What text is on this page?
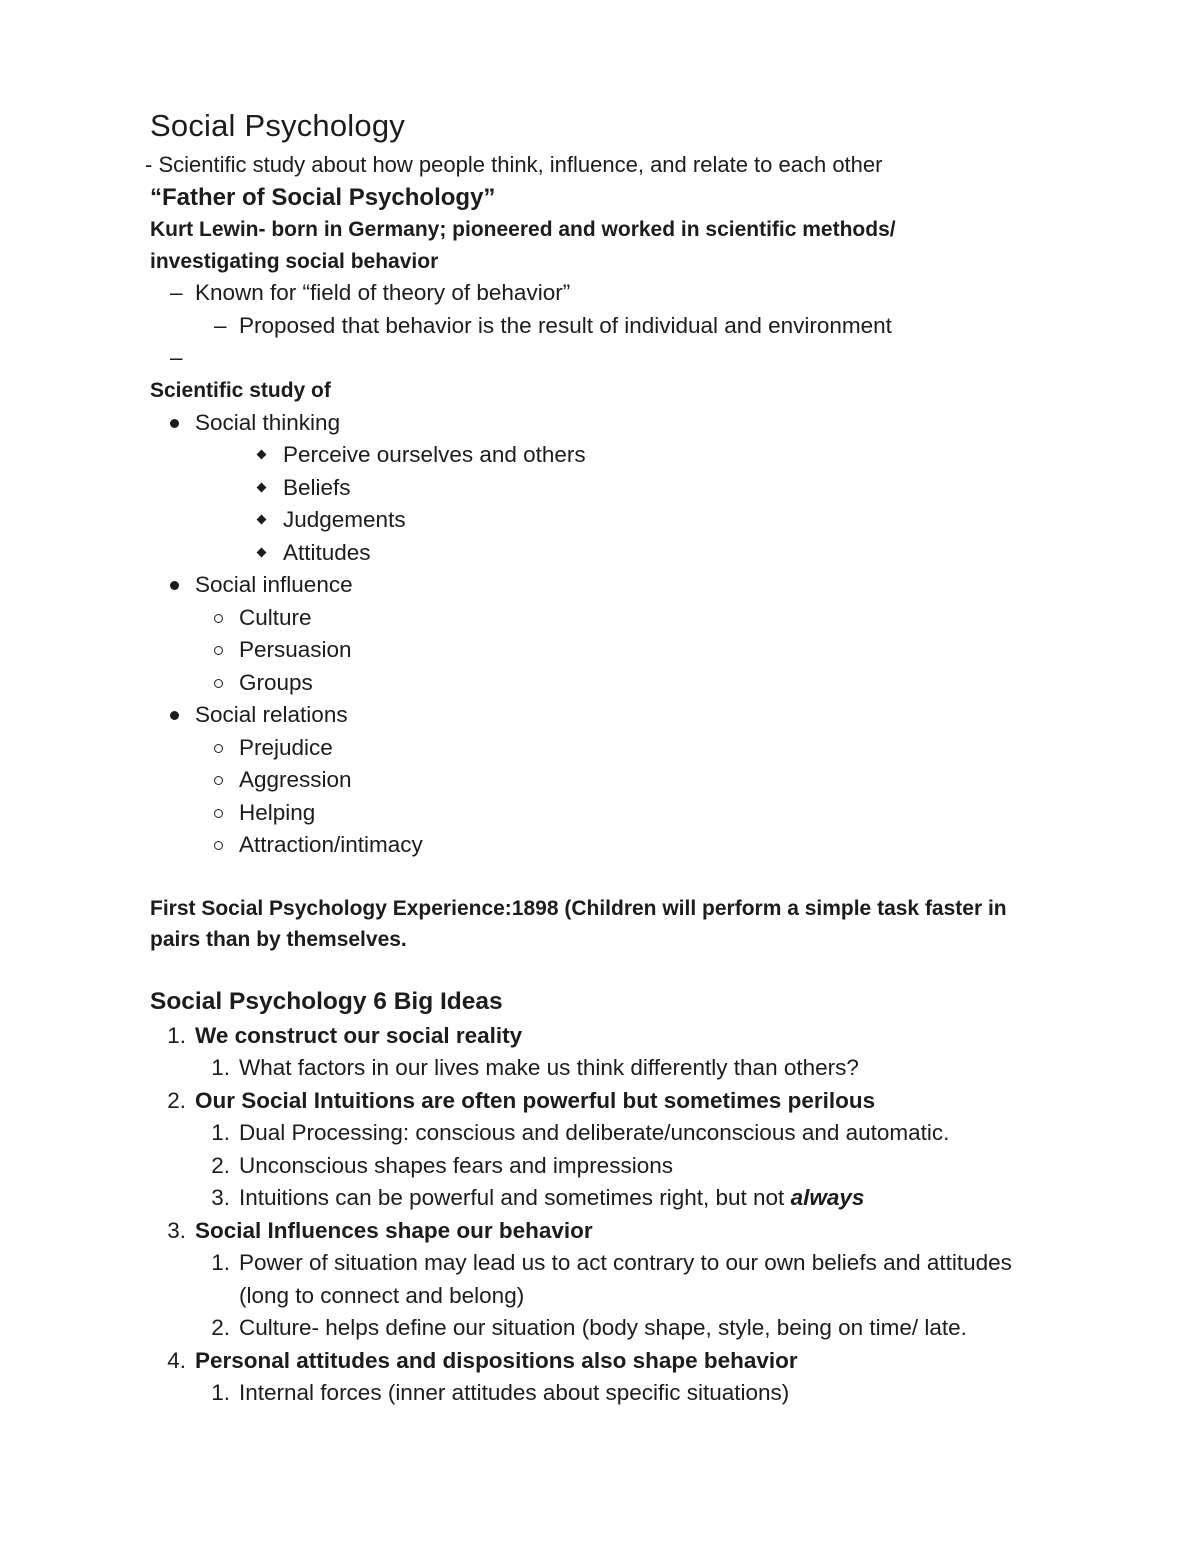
Social Psychology
- Scientific study about how people think, influence, and relate to each other
“Father of Social Psychology”
Kurt Lewin- born in Germany; pioneered and worked in scientific methods/ investigating social behavior
– Known for “field of theory of behavior”
– Proposed that behavior is the result of individual and environment
–
Scientific study of
Social thinking
Perceive ourselves and others
Beliefs
Judgements
Attitudes
Social influence
Culture
Persuasion
Groups
Social relations
Prejudice
Aggression
Helping
Attraction/intimacy
First Social Psychology Experience:1898 (Children will perform a simple task faster in pairs than by themselves.
Social Psychology 6 Big Ideas
1. We construct our social reality
1. What factors in our lives make us think differently than others?
2. Our Social Intuitions are often powerful but sometimes perilous
1. Dual Processing: conscious and deliberate/unconscious and automatic.
2. Unconscious shapes fears and impressions
3. Intuitions can be powerful and sometimes right, but not always
3. Social Influences shape our behavior
1. Power of situation may lead us to act contrary to our own beliefs and attitudes (long to connect and belong)
2. Culture- helps define our situation (body shape, style, being on time/ late.
4. Personal attitudes and dispositions also shape behavior
1. Internal forces (inner attitudes about specific situations)
